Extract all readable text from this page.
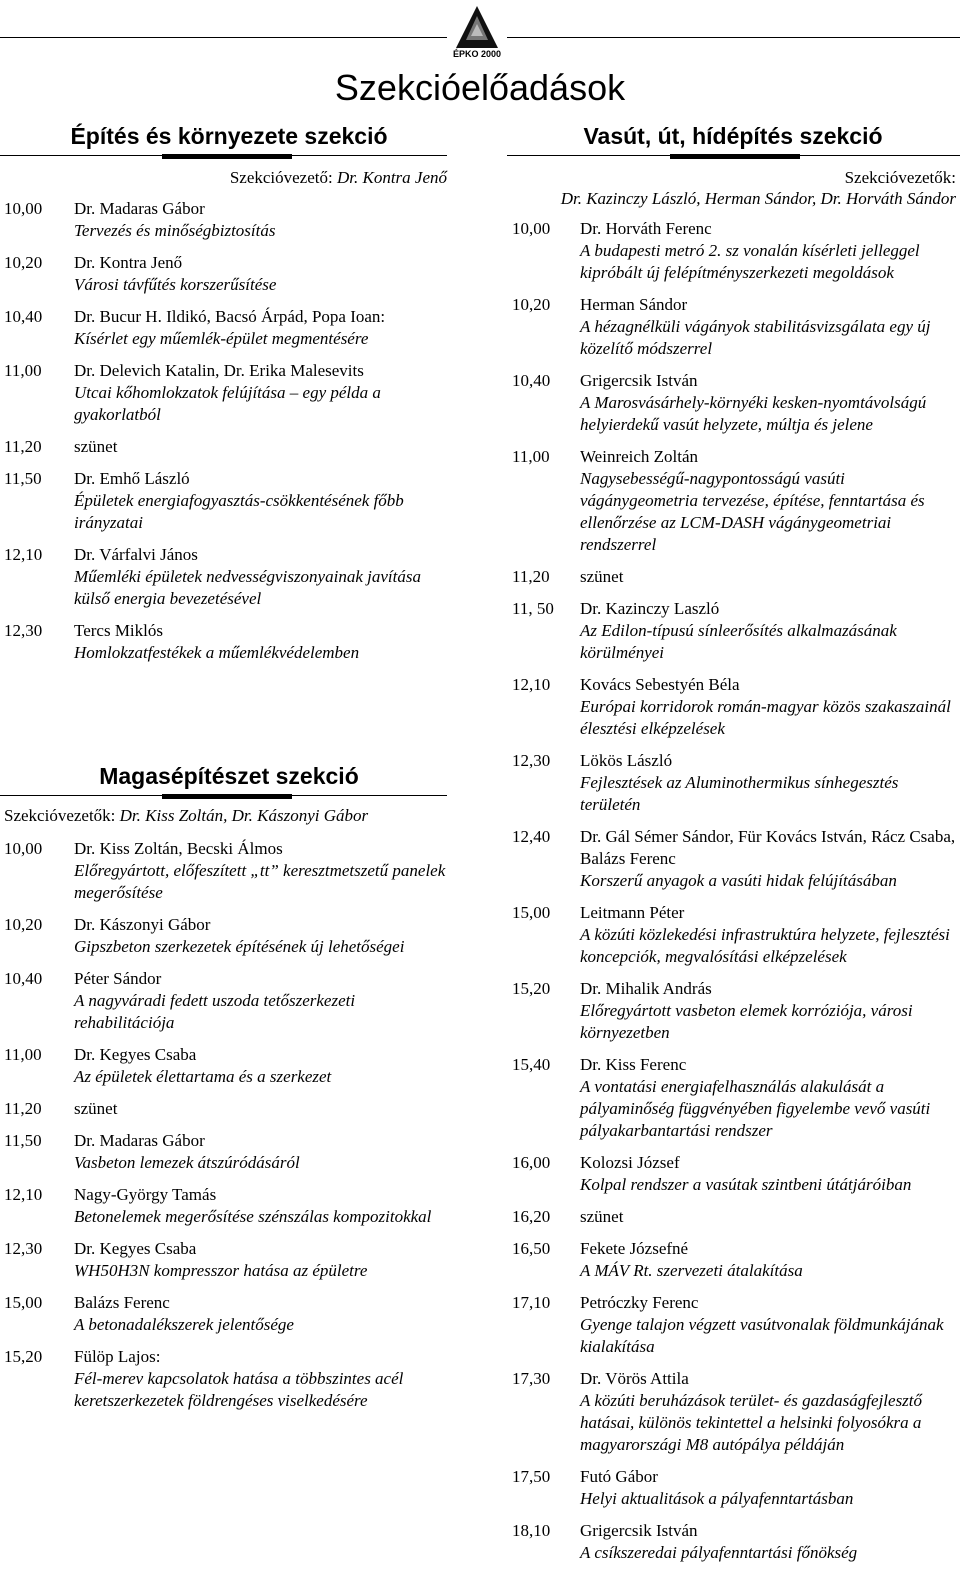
ÉPKO 2000
Szekcióelőadások
Építés és környezete szekció
Szekcióvezető: Dr. Kontra Jenő
10,00 Dr. Madaras Gábor
Tervezés és minőségbiztosítás
10,20 Dr. Kontra Jenő
Városi távfűtés korszerűsítése
10,40 Dr. Bucur H. Ildikó, Bacsó Árpád, Popa Ioan:
Kísérlet egy műemlék-épület megmentésére
11,00 Dr. Delevich Katalin, Dr. Erika Malesevits
Utcai kőhomlokzatok felújítása – egy példa a gyakorlatból
11,20 szünet
11,50 Dr. Emhő László
Épületek energiafogyasztás-csökkentésének főbb irányzatai
12,10 Dr. Várfalvi János
Műemléki épületek nedvességviszonyainak javítása külső energia bevezetésével
12,30 Tercs Miklós
Homlokzatfestékek a műemlékvédelemben
Magasépítészet szekció
Szekcióvezetők: Dr. Kiss Zoltán, Dr. Kászonyi Gábor
10,00 Dr. Kiss Zoltán, Becski Álmos
Előregyártott, előfeszített „tt” keresztmetszetű panelek megerősítése
10,20 Dr. Kászonyi Gábor
Gipszbeton szerkezetek építésének új lehetőségei
10,40 Péter Sándor
A nagyváradi fedett uszoda tetőszerkezeti rehabilitációja
11,00 Dr. Kegyes Csaba
Az épületek élettartama és a szerkezet
11,20 szünet
11,50 Dr. Madaras Gábor
Vasbeton lemezek átszúródásáról
12,10 Nagy-György Tamás
Betonelemek megerősítése szénszálas kompozitokkal
12,30 Dr. Kegyes Csaba
WH50H3N kompresszor hatása az épületre
15,00 Balázs Ferenc
A betonadalékszerek jelentősége
15,20 Fülöp Lajos:
Fél-merev kapcsolatok hatása a többszintes acél keretszerkezetek földrengéses viselkedésére
Vasút, út, hídépítés szekció
Szekcióvezetők:
Dr. Kazinczy László, Herman Sándor, Dr. Horváth Sándor
10,00 Dr. Horváth Ferenc
A budapesti metró 2. sz vonalán kísérleti jelleggel kipróbált új felépítményszerkezeti megoldások
10,20 Herman Sándor
A hézagnélküli vágányok stabilitásvizsgálata egy új közelítő módszerrel
10,40 Grigercsik István
A Marosvásárhely-környéki kesken-nyomtávolságú helyierdekű vasút helyzete, múltja és jelene
11,00 Weinreich Zoltán
Nagysebességű-nagypontosságú vasúti vágánygeometria tervezése, építése, fenntartása és ellenőrzése az LCM-DASH vágánygeometriai rendszerrel
11,20 szünet
11, 50 Dr. Kazinczy Laszló
Az Edilon-típusú sínleerősítés alkalmazásának körülményei
12,10 Kovács Sebestyén Béla
Európai korridorok román-magyar közös szakaszainál élesztési elképzelések
12,30 Lökös László
Fejlesztések az Aluminothermikus sínhegesztés területén
12,40 Dr. Gál Sémer Sándor, Für Kovács István, Rácz Csaba, Balázs Ferenc
Korszerű anyagok a vasúti hidak felújításában
15,00 Leitmann Péter
A közúti közlekedési infrastruktúra helyzete, fejlesztési koncepciók, megvalósítási elképzelések
15,20 Dr. Mihalik András
Előregyártott vasbeton elemek korróziója, városi környezetben
15,40 Dr. Kiss Ferenc
A vontatási energiafelhasználás alakulását a pályaminőség függvényében figyelembe vevő vasúti pályakarbantartási rendszer
16,00 Kolozsi József
Kolpal rendszer a vasútak szintbeni útátjáróiban
16,20 szünet
16,50 Fekete Józsefné
A MÁV Rt. szervezeti átalakítása
17,10 Petróczky Ferenc
Gyenge talajon végzett vasútvonalak földmunkájának kialakítása
17,30 Dr. Vörös Attila
A közúti beruházások terület- és gazdaságfejlesztő hatásai, különös tekintettel a helsinki folyosókra a magyarországi M8 autópálya példáján
17,50 Futó Gábor
Helyi aktualitások a pályafenntartásban
18,10 Grigercsik István
A csíkszeredai pályafenntartási főnökség
